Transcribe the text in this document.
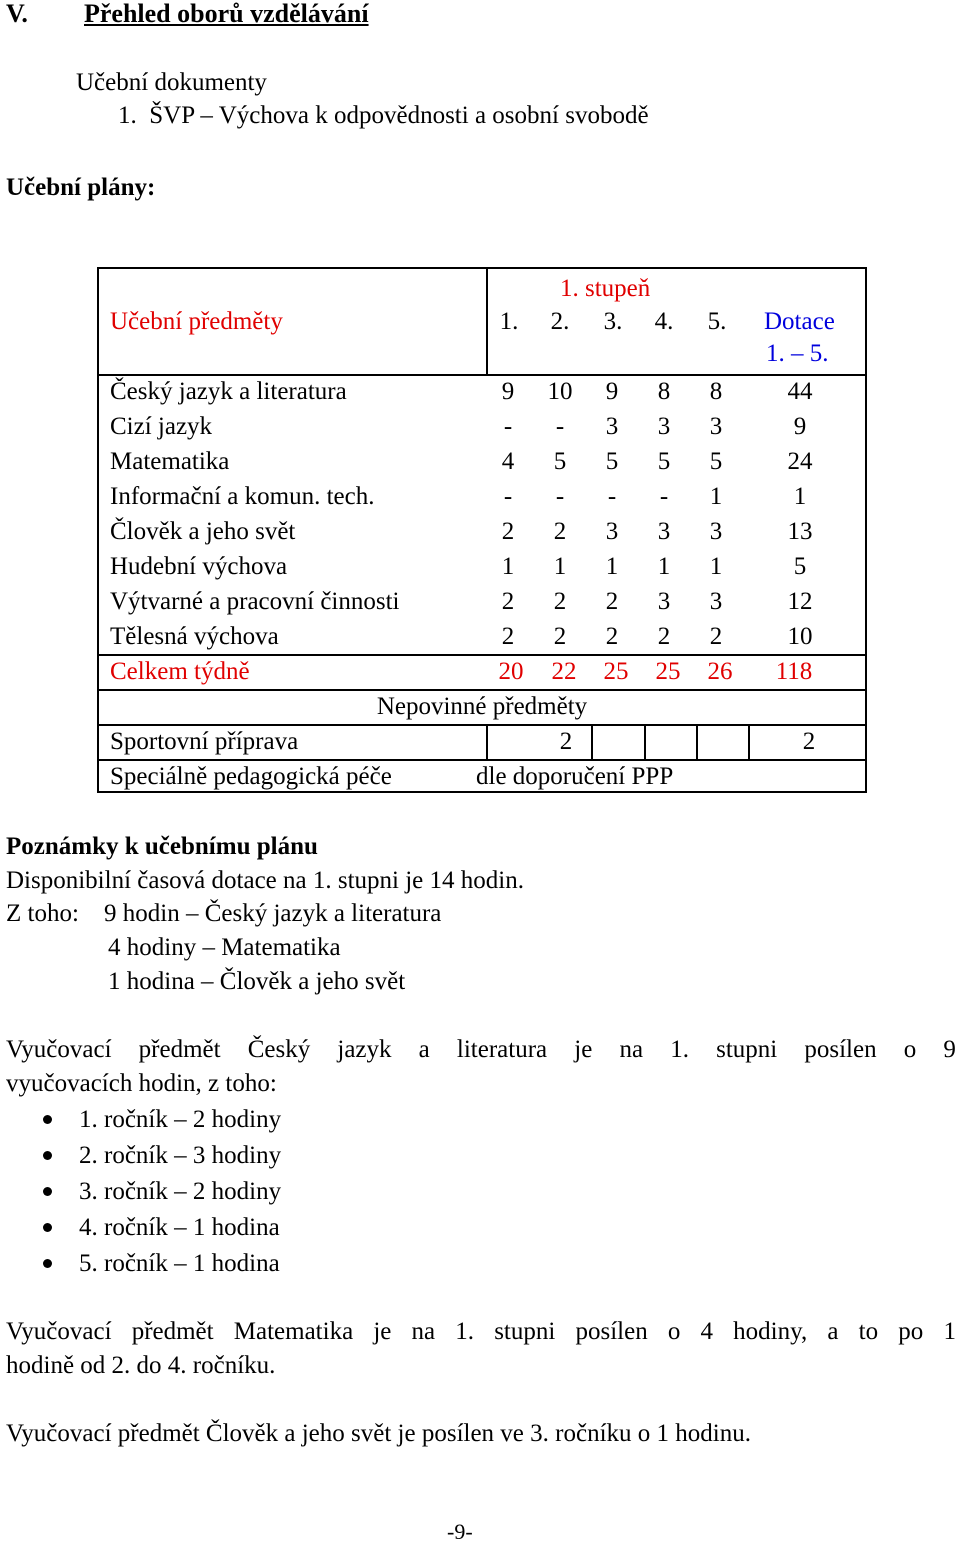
V. Přehled oborů vzdělávání
Učební dokumenty
1.  ŠVP – Výchova k odpovědnosti a osobní svobodě
Učební plány:
1. stupeň
Učební předměty	1. 2. 3. 4. 5. Dotace
1. – 5.
Český jazyk a literatura	9 10 9 8 8	44
Cizí jazyk	- - 3 3 3	9
Matematika	4 5 5 5 5	24
Informační a komun. tech.	- - - - 1	1
Člověk a jeho svět	2 2 3 3 3	13
Hudební výchova	1 1 1 1 1	5
Výtvarné a pracovní činnosti	2 2 2 3 3	12
Tělesná výchova	2 2 2 2 2	10
Celkem týdně	20 22 25 25 26 118
Nepovinné předměty
Sportovní příprava	2	2
Speciálně pedagogická péče	dle doporučení PPP
Poznámky k učebnímu plánu
Disponibilní časová dotace na 1. stupni je 14 hodin.
Z toho: 9 hodin – Český jazyk a literatura
4 hodiny – Matematika
1 hodina – Člověk a jeho svět
Vyučovací předmět Český jazyk a literatura je na 1. stupni posílen o 9
vyučovacích hodin, z toho:
1. ročník – 2 hodiny
2. ročník – 3 hodiny
3. ročník – 2 hodiny
4. ročník – 1 hodina
5. ročník – 1 hodina
Vyučovací předmět Matematika je na 1. stupni posílen o 4 hodiny, a to po 1
hodině od 2. do 4. ročníku.
Vyučovací předmět Člověk a jeho svět je posílen ve 3. ročníku o 1 hodinu.
-9-
